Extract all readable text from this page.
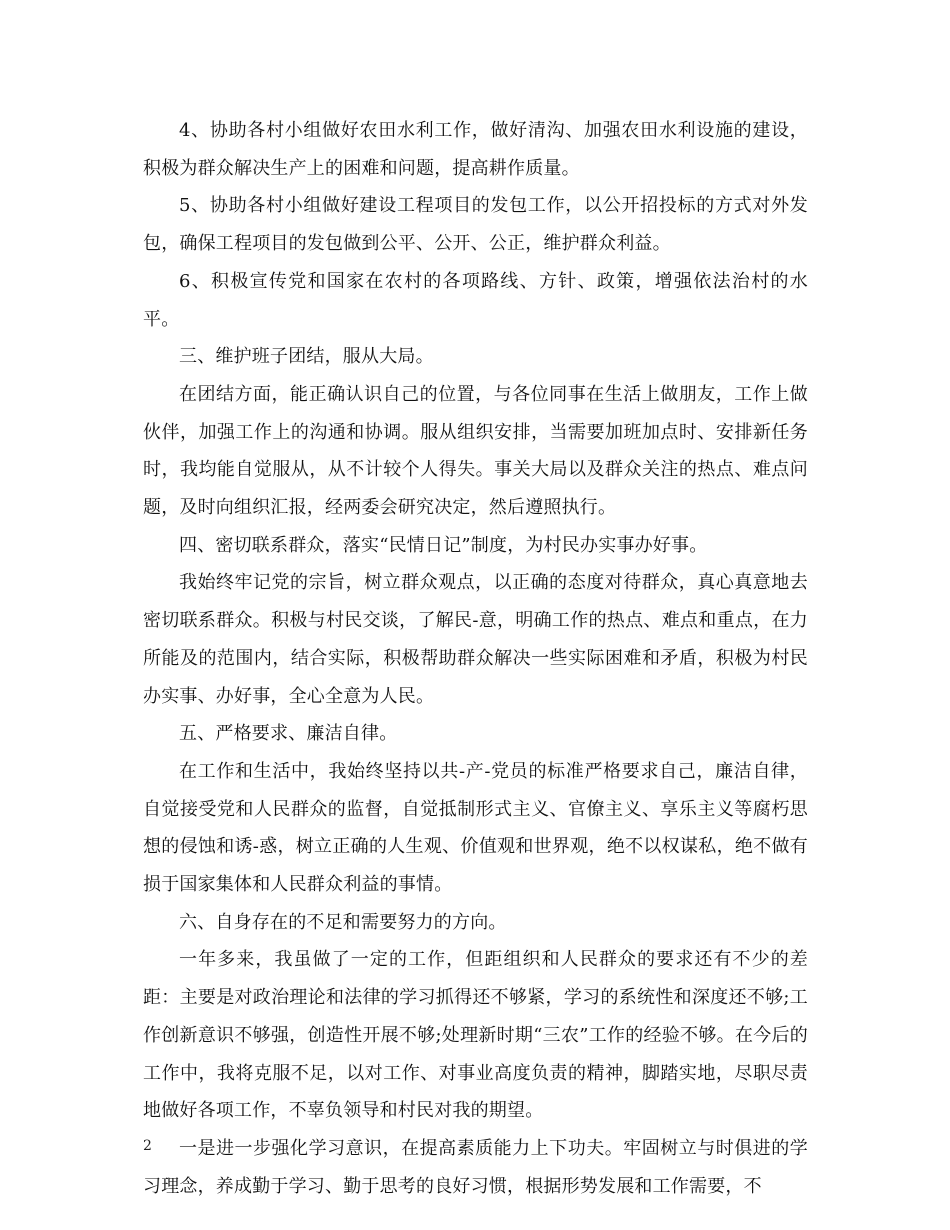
4、协助各村小组做好农田水利工作，做好清沟、加强农田水利设施的建设，积极为群众解决生产上的困难和问题，提高耕作质量。

5、协助各村小组做好建设工程项目的发包工作，以公开招投标的方式对外发包，确保工程项目的发包做到公平、公开、公正，维护群众利益。

6、积极宣传党和国家在农村的各项路线、方针、政策，增强依法治村的水平。

三、维护班子团结，服从大局。

在团结方面，能正确认识自己的位置，与各位同事在生活上做朋友，工作上做伙伴，加强工作上的沟通和协调。服从组织安排，当需要加班加点时、安排新任务时，我均能自觉服从，从不计较个人得失。事关大局以及群众关注的热点、难点问题，及时向组织汇报，经两委会研究决定，然后遵照执行。

四、密切联系群众，落实“民情日记”制度，为村民办实事办好事。

我始终牢记党的宗旨，树立群众观点，以正确的态度对待群众，真心真意地去密切联系群众。积极与村民交谈，了解民-意，明确工作的热点、难点和重点，在力所能及的范围内，结合实际，积极帮助群众解决一些实际困难和矛盾，积极为村民办实事、办好事，全心全意为人民。

五、严格要求、廉洁自律。

在工作和生活中，我始终坚持以共-产-党员的标准严格要求自己，廉洁自律，自觉接受党和人民群众的监督，自觉抵制形式主义、官僚主义、享乐主义等腐朽思想的侵蚀和诱-惑，树立正确的人生观、价值观和世界观，绝不以权谋私，绝不做有损于国家集体和人民群众利益的事情。

六、自身存在的不足和需要努力的方向。

一年多来，我虽做了一定的工作，但距组织和人民群众的要求还有不少的差距：主要是对政治理论和法律的学习抓得还不够紧，学习的系统性和深度还不够;工作创新意识不够强，创造性开展不够;处理新时期“三农”工作的经验不够。在今后的工作中，我将克服不足，以对工作、对事业高度负责的精神，脚踏实地，尽职尽责地做好各项工作，不辜负领导和村民对我的期望。

一是进一步强化学习意识，在提高素质能力上下功夫。牢固树立与时俱进的学习理念，养成勤于学习、勤于思考的良好习惯，根据形势发展和工作需要，不

2
